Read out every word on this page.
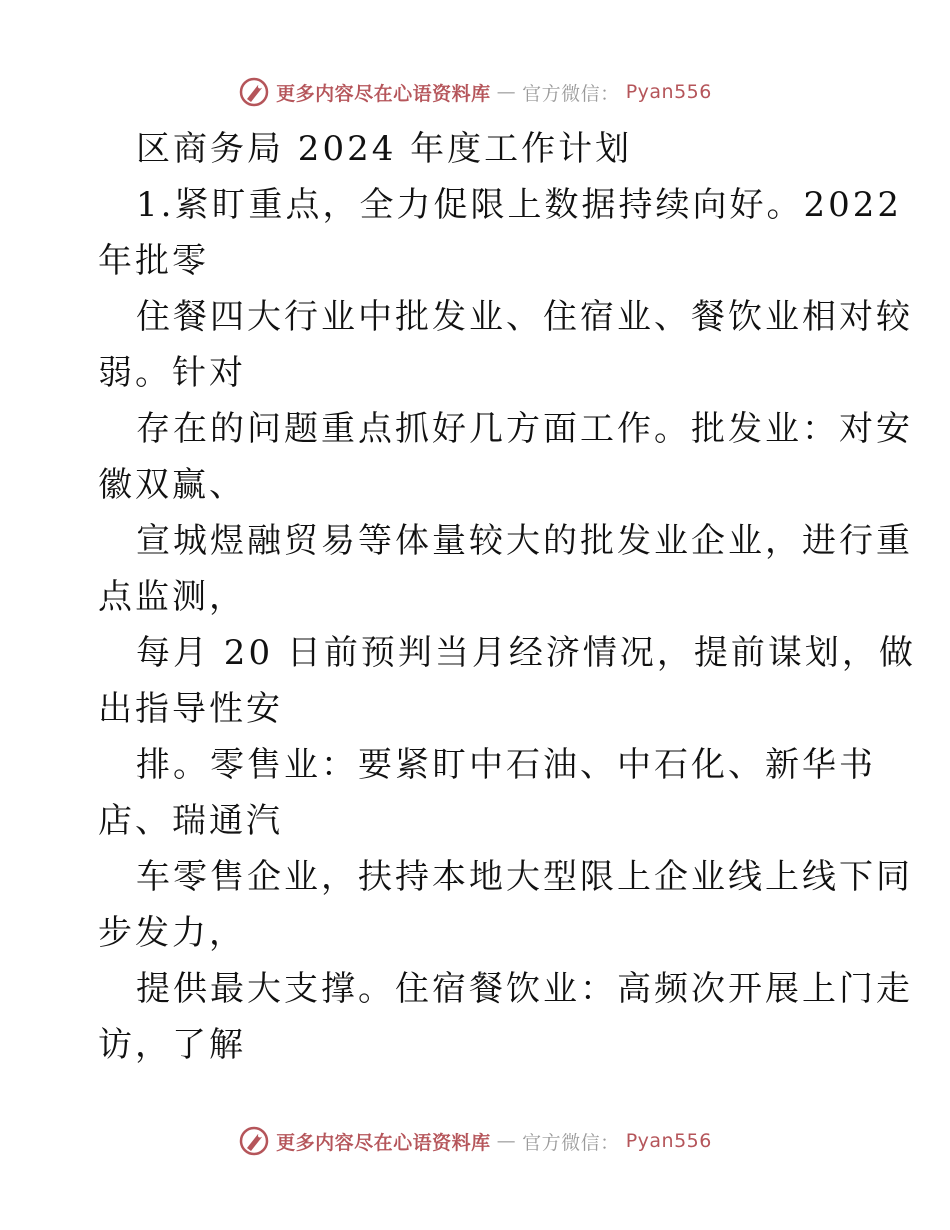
更多内容尽在心语资料库 — 官方微信： Pyan556
区商务局 2024 年度工作计划
1.紧盯重点，全力促限上数据持续向好。2022
年批零
住餐四大行业中批发业、住宿业、餐饮业相对较
弱。针对
存在的问题重点抓好几方面工作。批发业：对安
徽双赢、
宣城煜融贸易等体量较大的批发业企业，进行重
点监测，
每月 20 日前预判当月经济情况，提前谋划，做
出指导性安
排。零售业：要紧盯中石油、中石化、新华书
店、瑞通汽
车零售企业，扶持本地大型限上企业线上线下同
步发力，
提供最大支撑。住宿餐饮业：高频次开展上门走
访，了解
更多内容尽在心语资料库 — 官方微信： Pyan556
